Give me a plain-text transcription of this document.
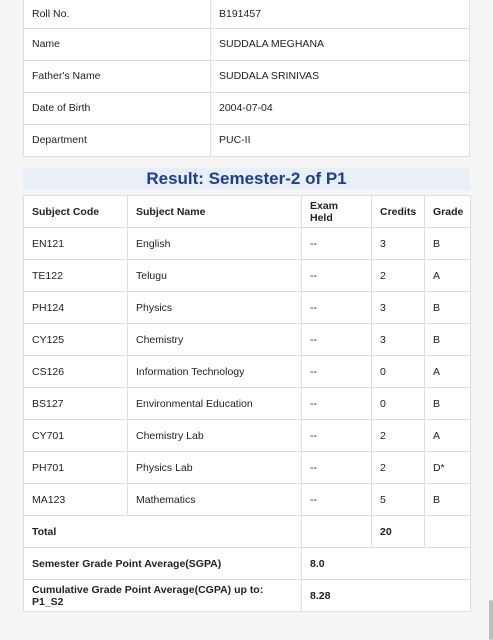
Roll No.	B191457
Name	SUDDALA MEGHANA
Father's Name	SUDDALA SRINIVAS
Date of Birth	2004-07-04
Department	PUC-II
Result: Semester-2 of P1
Subject Code	Subject Name	Exam Held	Credits	Grade
EN121	English	--	3	B
TE122	Telugu	--	2	A
PH124	Physics	--	3	B
CY125	Chemistry	--	3	B
CS126	Information Technology	--	0	A
BS127	Environmental Education	--	0	B
CY701	Chemistry Lab	--	2	A
PH701	Physics Lab	--	2	D*
MA123	Mathematics	--	5	B
Total			20	
Semester Grade Point Average(SGPA)		8.0		
Cumulative Grade Point Average(CGPA) up to: P1_S2		8.28		
